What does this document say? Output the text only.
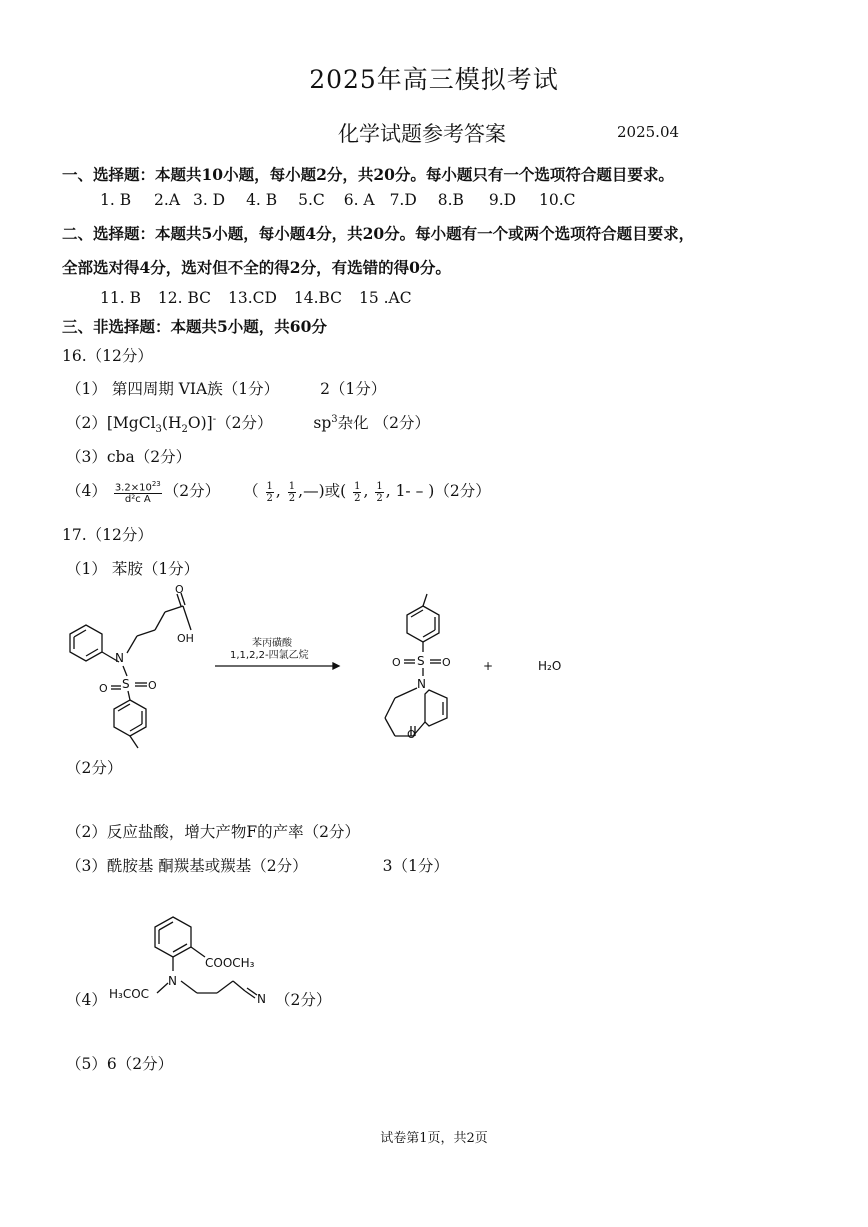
2025年高三模拟考试
化学试题参考答案	2025.04
一、选择题：本题共10小题，每小题2分，共20分。每小题只有一个选项符合题目要求。
1. B 2.A 3. D 4. B 5.C 6. A 7.D 8.B 9.D 10.C
二、选择题：本题共5小题，每小题4分，共20分。每小题有一个或两个选项符合题目要求，
全部选对得4分，选对但不全的得2分，有选错的得0分。
11. B 12. BC 13.CD 14.BC 15 .AC
三、非选择题：本题共5小题，共60分
16.（12分）
（1） 第四周期 VIA族（1分）	2（1分）
$(2)[MgCl_3(H_2O)]^-(2$分）	$sp^3$杂化 （2分）
（3）cba（2分）
$(4) \frac{3.2\times 10^{23}}{\text{d²c A}} (2$分） （ $\frac{1}{2}$ , $\frac{1}{2}$ ,—)或( $\frac{1}{2}$ , $\frac{1}{2}$ , 1- – )（2分）
17.（12分）
（1） 苯胺（1分）
N
O
OH
S O
O
苯丙磺酸
1,1,2,2-四氯乙烷	S O
O
N
O
+	H₂O
（2分）
（2）反应盐酸，增大产物F的产率（2分）
（3）酰胺基 酮羰基或羰基（2分）	3（1分）
（4）
COOCH₃
N
H₃COC	N （2分）
（5）6（2分）
试卷第1页，共2页
